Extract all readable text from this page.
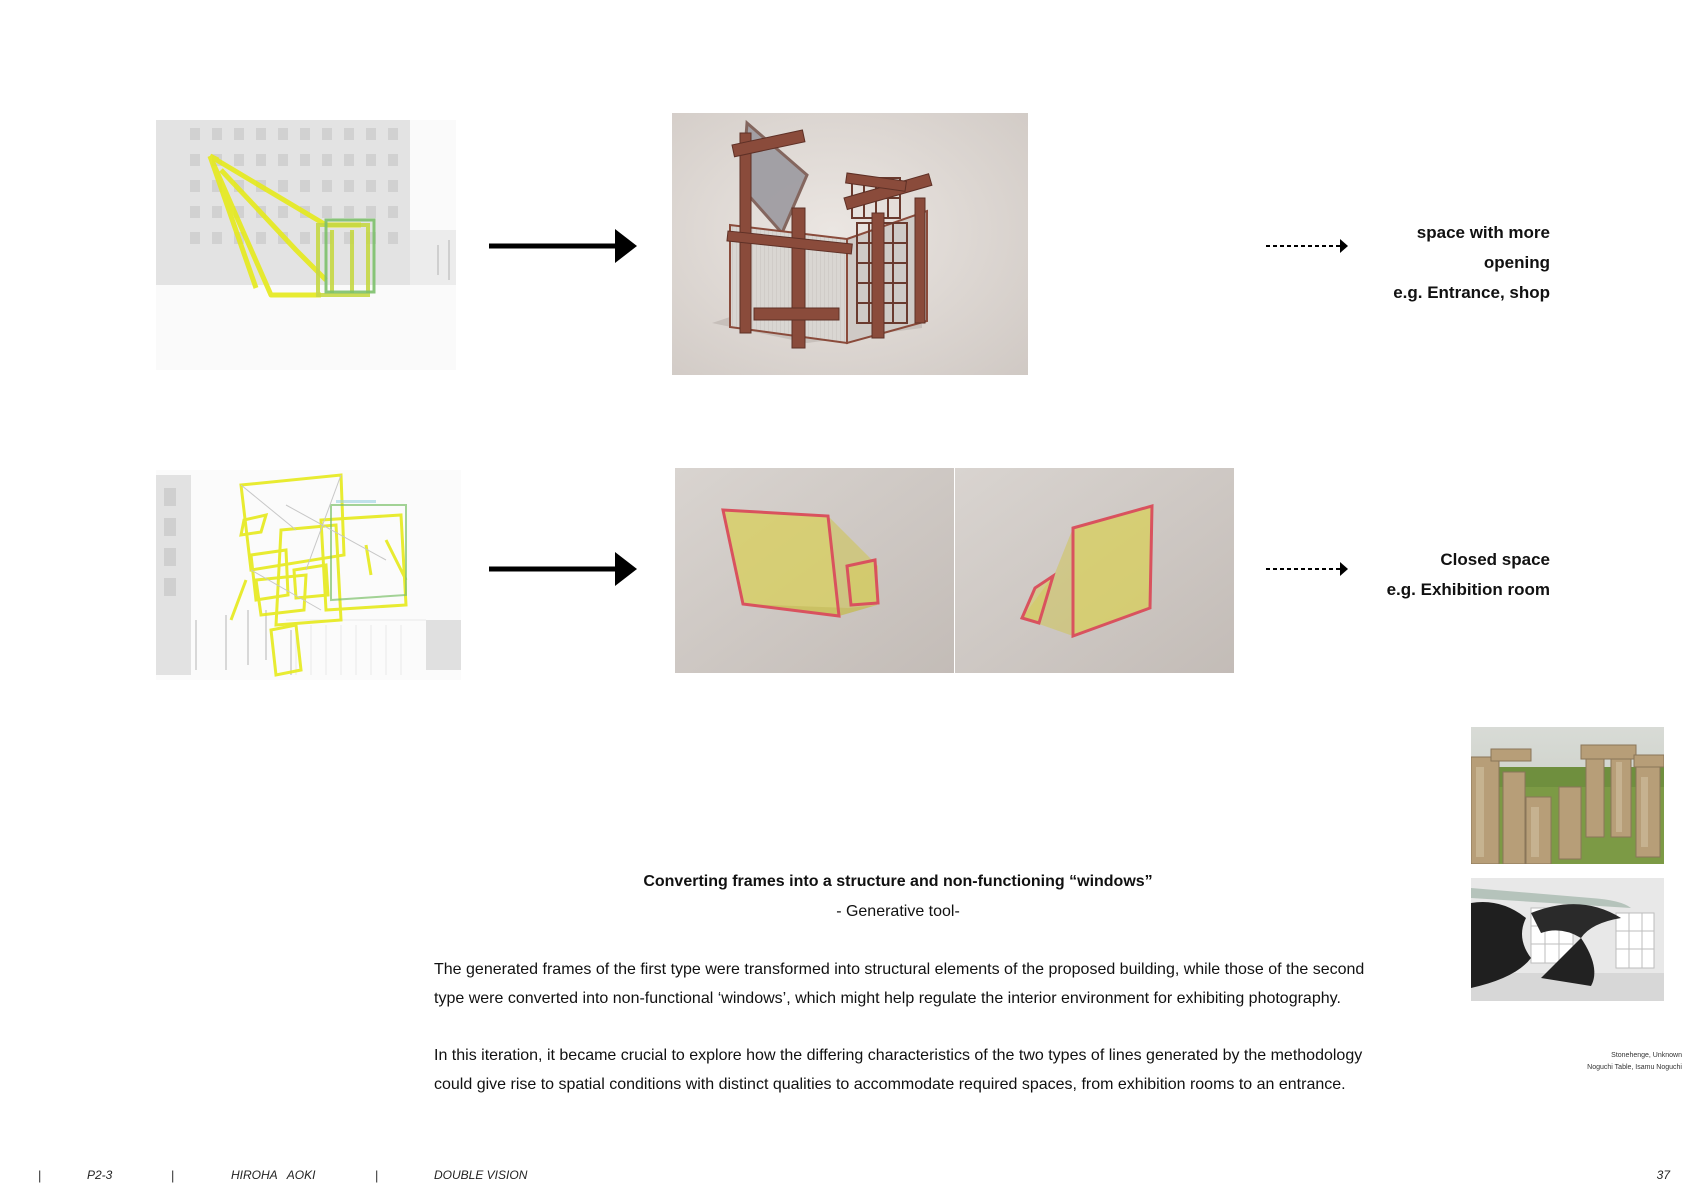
space with more
opening
e.g. Entrance, shop
Closed space
e.g. Exhibition room
Stonehenge, Unknown
Noguchi Table, Isamu Noguchi
Converting frames into a structure and non-functioning “windows”
- Generative tool-
The generated frames of the first type were transformed into structural elements of the proposed building, while those of the second type were converted into non-functional ‘windows’, which might help regulate the interior environment for exhibiting photography.
In this iteration, it became crucial to explore how the differing characteristics of the two types of lines generated by the methodology could give rise to spatial conditions with distinct qualities to accommodate required spaces, from exhibition rooms to an entrance.
|	P2-3	|	HIROHA   AOKI	|	DOUBLE VISION	37
